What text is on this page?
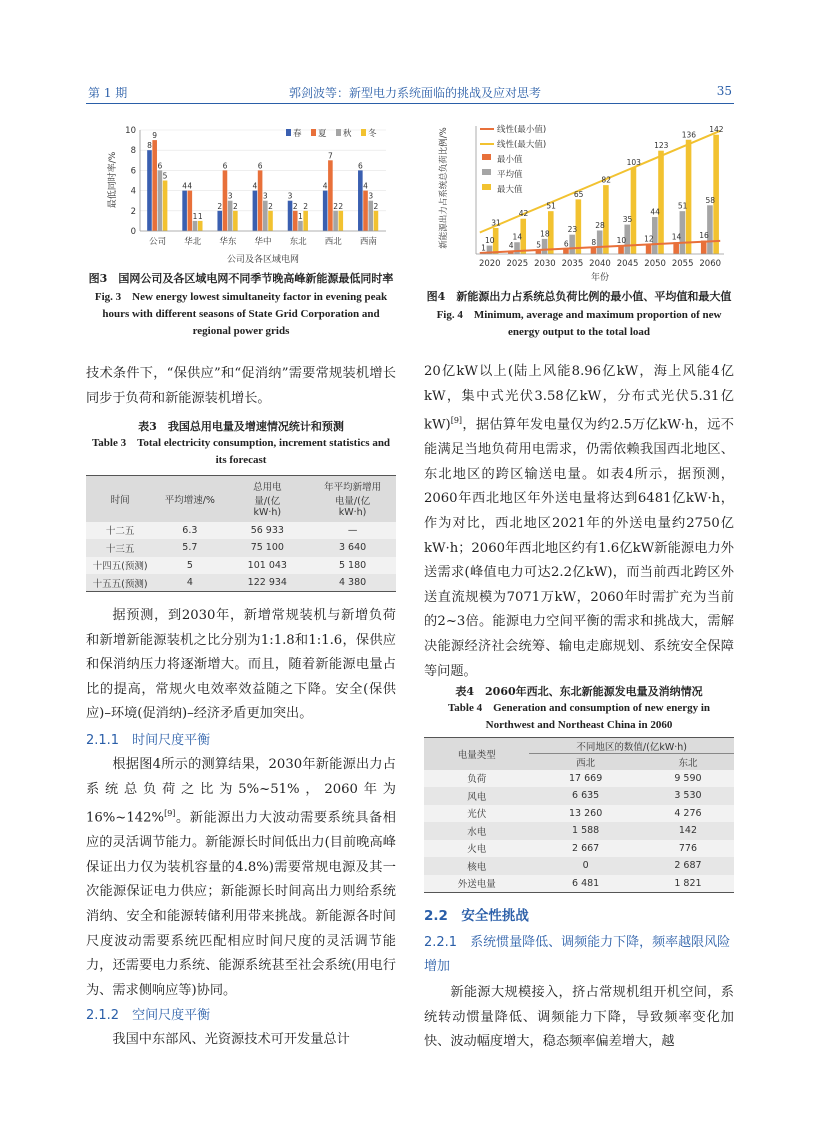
第 1 期	郭剑波等：新型电力系统面临的挑战及应对思考	35
8
9
6
5
4 4
1 1
2
6
3
2
4
6
3
2
3
2
1
2
4
7
2 2
6
4
3
2
0
2
4
6
8
10
公司 华北 华东 华中 东北 西北 西南
春 夏 秋 冬
最低同时率/%
公司及各区域电网
图3　国网公司及各区域电网不同季节晚高峰新能源最低同时率
Fig. 3　New energy lowest simultaneity factor in evening peak hours with different seasons of State Grid Corporation and regional power grids

技术条件下，“保供应”和“促消纳”需要常规装机增长同步于负荷和新能源装机增长。

表3　我国总用电量及增速情况统计和预测
Table 3　Total electricity consumption, increment statistics and its forecast
时间	平均增速/%	总用电量/(亿kW·h)	年平均新增用电量/(亿kW·h)
十二五	6.3	56 933	—
十三五	5.7	75 100	3 640
十四五(预测)	5	101 043	5 180
十五五(预测)	4	122 934	4 380

据预测，到2030年，新增常规装机与新增负荷和新增新能源装机之比分别为1:1.8和1:1.6，保供应和保消纳压力将逐渐增大。而且，随着新能源电量占比的提高，常规火电效率效益随之下降。安全(保供应)–环境(促消纳)–经济矛盾更加突出。

2.1.1　时间尺度平衡

根据图4所示的测算结果，2030年新能源出力占系统总负荷之比为5%~51%，2060年为16%~142%[9]。新能源出力大波动需要系统具备相应的灵活调节能力。新能源长时间低出力(目前晚高峰保证出力仅为装机容量的4.8%)需要常规电源及其一次能源保证电力供应；新能源长时间高出力则给系统消纳、安全和能源转储利用带来挑战。新能源各时间尺度波动需要系统匹配相应时间尺度的灵活调节能力，还需要电力系统、能源系统甚至社会系统(用电行为、需求侧响应等)协同。

2.1.2　空间尺度平衡

我国中东部风、光资源技术可开发量总计

1
10
31
4
14
42
5
18
51
6
23
65
8
28
82
10
35
103
12
44
123
14
51
136
16
58
142
2020 2025 2030 2035 2040 2045 2050 2055 2060
线性(最小值)
线性(最大值)
最小值
平均值
最大值
新能源出力占系统总负荷比例/%
年份
图4　新能源出力占系统总负荷比例的最小值、平均值和最大值
Fig. 4　Minimum, average and maximum proportion of new energy output to the total load

20亿kW以上(陆上风能8.96亿kW，海上风能4亿kW，集中式光伏3.58亿kW，分布式光伏5.31亿kW)[9]，据估算年发电量仅为约2.5万亿kW·h，远不能满足当地负荷用电需求，仍需依赖我国西北地区、东北地区的跨区输送电量。如表4所示，据预测，2060年西北地区年外送电量将达到6481亿kW·h，作为对比，西北地区2021年的外送电量约2750亿kW·h；2060年西北地区约有1.6亿kW新能源电力外送需求(峰值电力可达2.2亿kW)，而当前西北跨区外送直流规模为7071万kW，2060年时需扩充为当前的2~3倍。能源电力空间平衡的需求和挑战大，需解决能源经济社会统筹、输电走廊规划、系统安全保障等问题。

表4　2060年西北、东北新能源发电量及消纳情况
Table 4　Generation and consumption of new energy in Northwest and Northeast China in 2060
电量类型	不同地区的数值/(亿kW·h)	
	西北	东北
负荷	17 669	9 590
风电	6 635	3 530
光伏	13 260	4 276
水电	1 588	142
火电	2 667	776
核电	0	2 687
外送电量	6 481	1 821

2.2　安全性挑战

2.2.1　系统惯量降低、调频能力下降，频率越限风险增加

新能源大规模接入，挤占常规机组开机空间，系统转动惯量降低、调频能力下降，导致频率变化加快、波动幅度增大，稳态频率偏差增大，越
